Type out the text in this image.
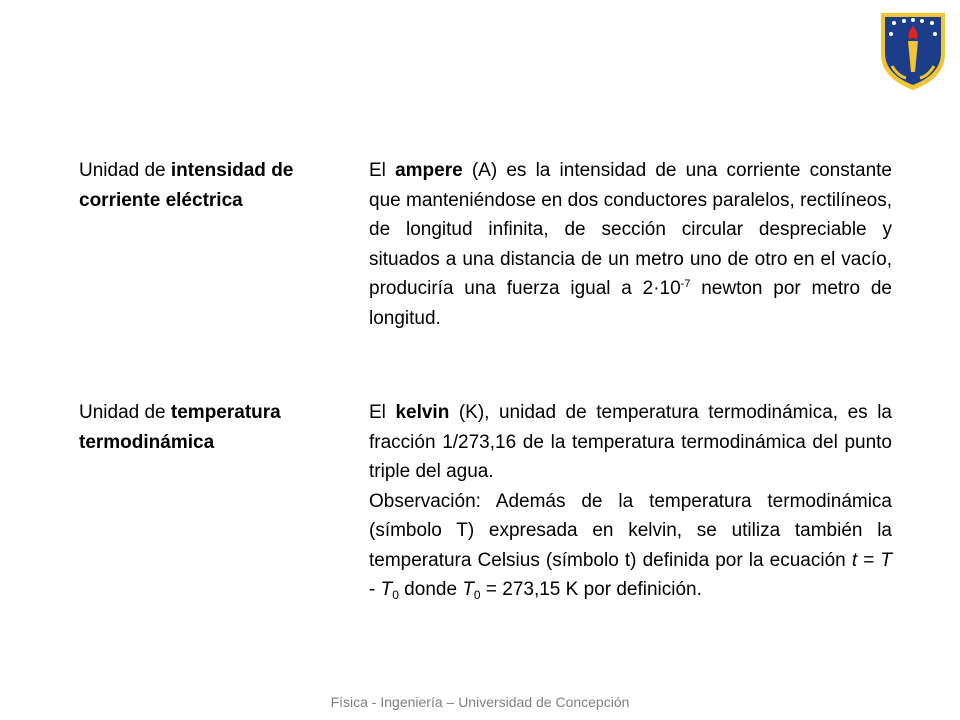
Unidad de intensidad de corriente eléctrica

El ampere (A) es la intensidad de una corriente constante que manteniéndose en dos conductores paralelos, rectilíneos, de longitud infinita, de sección circular despreciable y situados a una distancia de un metro uno de otro en el vacío, produciría una fuerza igual a $2\cdot 10^{-7}$ newton por metro de longitud.

Unidad de temperatura termodinámica

El kelvin (K), unidad de temperatura termodinámica, es la fracción 1/273,16 de la temperatura termodinámica del punto triple del agua.

Observación: Además de la temperatura termodinámica (símbolo T) expresada en kelvin, se utiliza también la temperatura Celsius (símbolo t) definida por la ecuación $t = T - T_0$ donde $T_0 = 273,15$ K por definición.

Física - Ingeniería – Universidad de Concepción
